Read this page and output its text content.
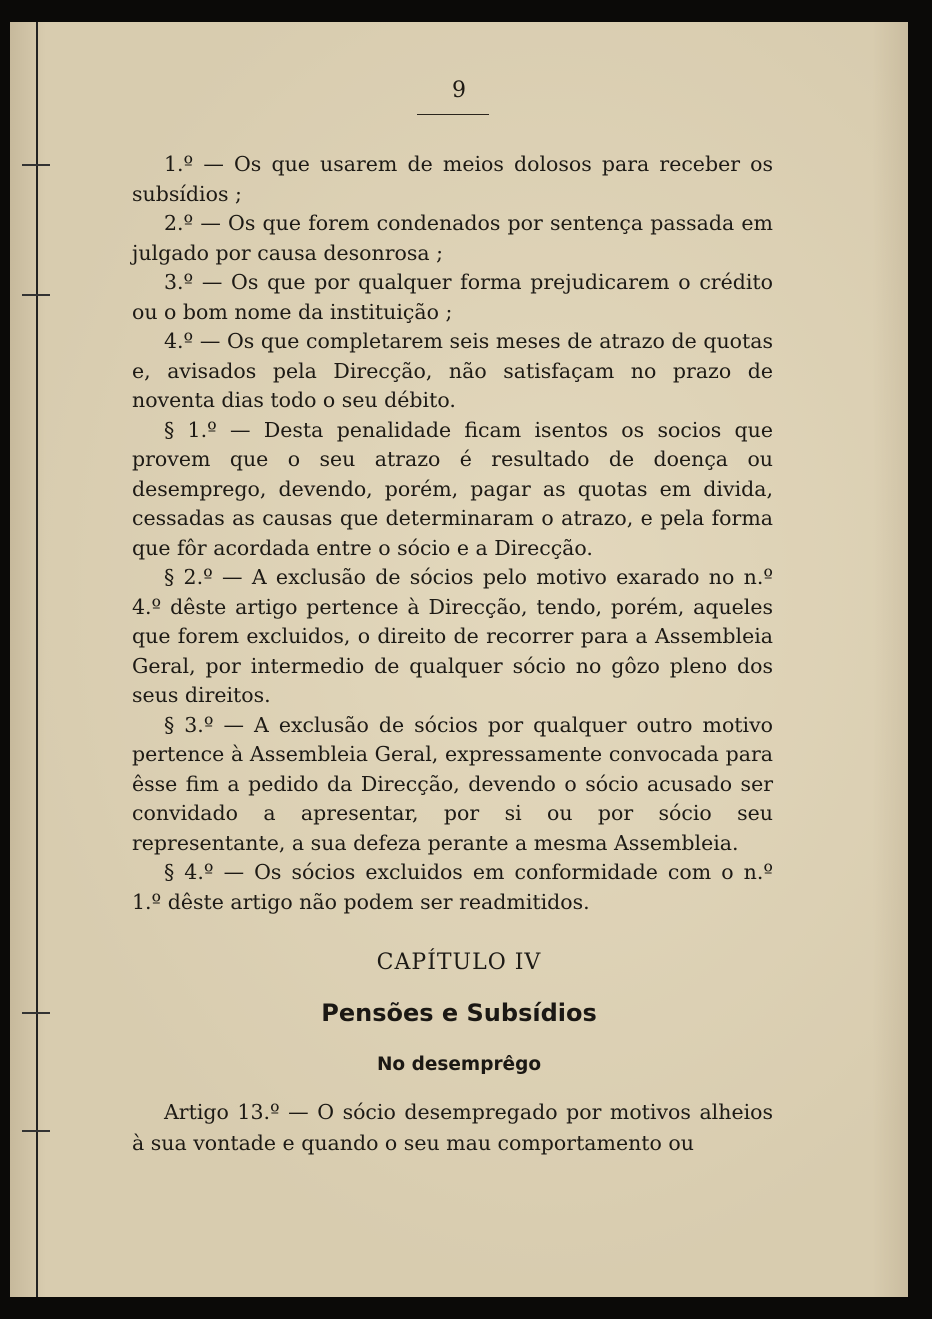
9

1.º — Os que usarem de meios dolosos para receber os subsídios ;

2.º — Os que forem condenados por sentença passada em julgado por causa desonrosa ;

3.º — Os que por qualquer forma prejudicarem o crédito ou o bom nome da instituição ;

4.º — Os que completarem seis meses de atrazo de quotas e, avisados pela Direcção, não satisfaçam no prazo de noventa dias todo o seu débito.

§ 1.º — Desta penalidade ficam isentos os socios que provem que o seu atrazo é resultado de doença ou desemprego, devendo, porém, pagar as quotas em divida, cessadas as causas que determinaram o atrazo, e pela forma que fôr acordada entre o sócio e a Direcção.

§ 2.º — A exclusão de sócios pelo motivo exarado no n.º 4.º dêste artigo pertence à Direcção, tendo, porém, aqueles que forem excluidos, o direito de recorrer para a Assembleia Geral, por intermedio de qualquer sócio no gôzo pleno dos seus direitos.

§ 3.º — A exclusão de sócios por qualquer outro motivo pertence à Assembleia Geral, expressamente convocada para êsse fim a pedido da Direcção, devendo o sócio acusado ser convidado a apresentar, por si ou por sócio seu representante, a sua defeza perante a mesma Assembleia.

§ 4.º — Os sócios excluidos em conformidade com o n.º 1.º dêste artigo não podem ser readmitidos.

CAPÍTULO IV
Pensões e Subsídios
No desemprêgo

Artigo 13.º — O sócio desempregado por motivos alheios à sua vontade e quando o seu mau comportamento ou
